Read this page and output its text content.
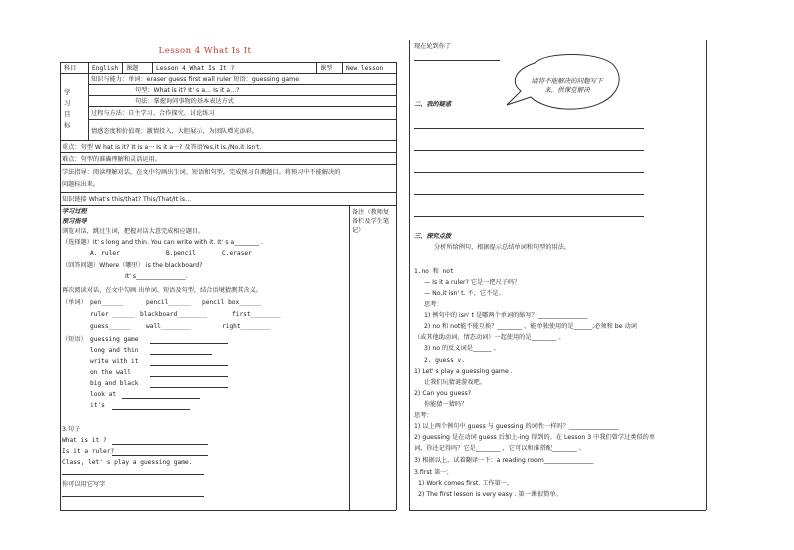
Lesson 4 What Is It
科目	English 课题	Lesson 4 What Is It ?	课型 New lesson
学习目标
知识与能力：单词：eraser guess first wall ruler 短语：guessing game
句型：What is it? It' s a… Is it a…?
句法：掌握询问事物的基本表达方式
过程与方法：自主学习、合作探究、讨论练习
情感态度和价值观：激情投入，大胆展示，为团队增光添彩。
重点：句型 W hat is it? It is a··· Is it a···? 及答语Yes,it is./No,it isn't.
难点：句型的准确理解和灵活运用。
学法指导：阅读理解对话，在文中勾画出生词、短语和句型，完成预习自测题目。将预习中不能解决的
问题标出来。
知识链接 What's this/that? This/That/It is…
备注（教师复备栏及学生笔记）
学习过程
预习指导
浏览对话，跳过生词，把握对话大意完成相应题目。
（选择题）It' s long and thin. You can write with it. It' s a________ .
A. ruler	B.pencil	C.eraser
（回答问题）Where（哪里） is the blackboard?
It' s________________.
再次阅读对话，在文中勾画 出单词、短语及句型，结合语境猜测其含义。
（单词） pen______	pencil______ pencil box______
ruler ______ blackboard________	first________
guess______ wall________	right________
（短语） guessing game
long and thin
write with it
on the wall
big and black
look at
it's
3.句子
What is it ?
Is it a ruler?
Class, let' s play a guessing game.
你可以用它写字
现在轮到你了
请将不能解决的问题写下来，供课堂解决
二、我的疑惑
三、探究点拨
分析所给例句，根据提示总结单词和句型的用法。
1.no 和 not
— Is it a ruler? 它是一把尺子吗？
— No,it isn' t. 不，它不是。
思考：
1) 例句中的 isn' t 是哪两个单词的缩写？________________
2) no 和 not能不能互换？________ 。能单独使用的是______;必须和 be 动词
（或其他助动词、情态动词）一起使用的是________ 。
3) no 的反义词是______ 。
2. guess v.
1) Let' s play a guessing game .
让我们玩猜谜游戏吧。
2) Can you guess?
你能猜一猜吗？
思考：
1) 以上两个例句中 guess 与 guessing 的词性一样吗？________________
2) guessing 是在动词 guess 后加上-ing 得到的。在 Lesson 3 中我们曾学过类似的单
词，你还记得吗？它是________ ，它可以和谁搭配________ 。
3) 根据以上，试着翻译一下：a reading room________________
3.first 第一；
1) Work comes first. 工作第一。
2) The first lesson is very easy . 第一课很简单。
